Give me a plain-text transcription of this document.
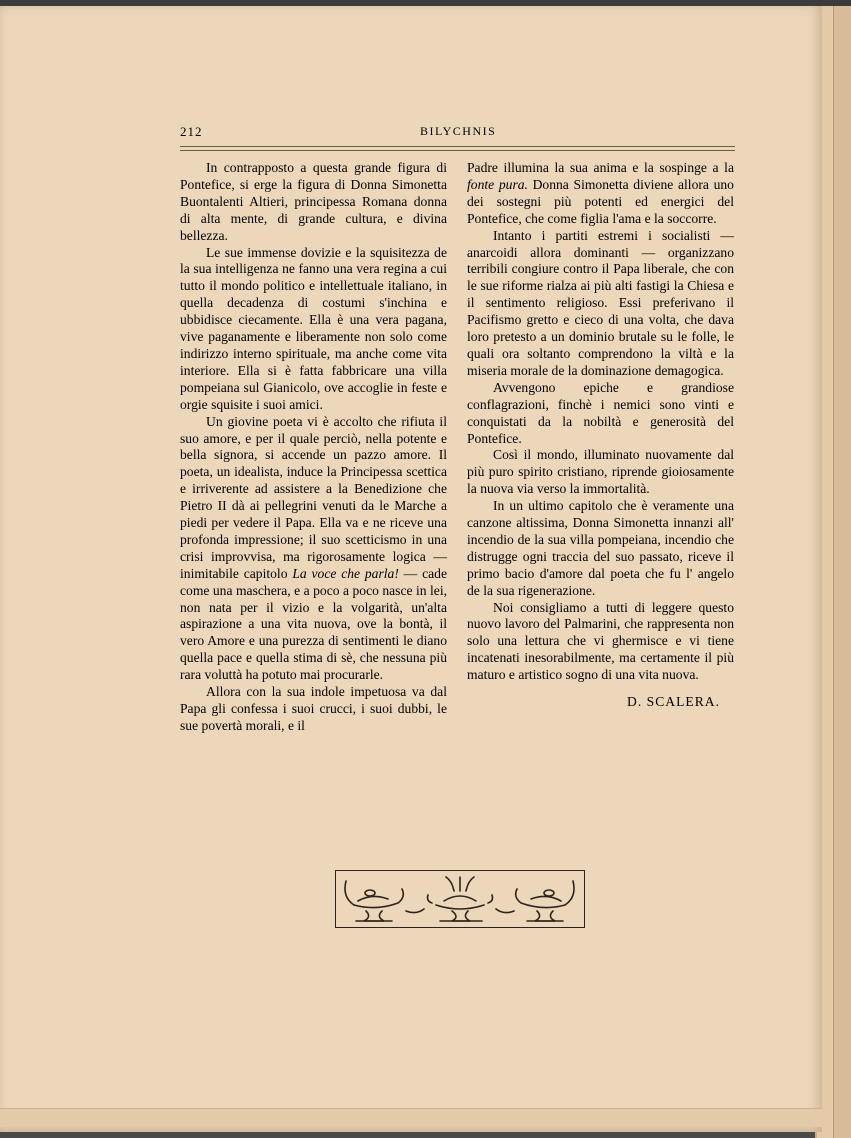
212	BILYCHNIS

In contrapposto a questa grande figura di Pontefice, si erge la figura di Donna Simonetta Buontalenti Altieri, principessa Romana donna di alta mente, di grande cultura, e divina bellezza.

Le sue immense dovizie e la squisitezza de la sua intelligenza ne fanno una vera regina a cui tutto il mondo politico e intellettuale italiano, in quella decadenza di costumi s'inchina e ubbidisce ciecamente. Ella è una vera pagana, vive paganamente e liberamente non solo come indirizzo interno spirituale, ma anche come vita interiore. Ella si è fatta fabbricare una villa pompeiana sul Gianicolo, ove accoglie in feste e orgie squisite i suoi amici.

Un giovine poeta vi è accolto che rifiuta il suo amore, e per il quale perciò, nella potente e bella signora, si accende un pazzo amore. Il poeta, un idealista, induce la Principessa scettica e irriverente ad assistere a la Benedizione che Pietro II dà ai pellegrini venuti da le Marche a piedi per vedere il Papa. Ella va e ne riceve una profonda impressione; il suo scetticismo in una crisi improvvisa, ma rigorosamente logica — inimitabile capitolo La voce che parla! — cade come una maschera, e a poco a poco nasce in lei, non nata per il vizio e la volgarità, un'alta aspirazione a una vita nuova, ove la bontà, il vero Amore e una purezza di sentimenti le diano quella pace e quella stima di sè, che nessuna più rara voluttà ha potuto mai procurarle.

Allora con la sua indole impetuosa va dal Papa gli confessa i suoi crucci, i suoi dubbi, le sue povertà morali, e il

Padre illumina la sua anima e la sospinge a la fonte pura. Donna Simonetta diviene allora uno dei sostegni più potenti ed energici del Pontefice, che come figlia l'ama e la soccorre.

Intanto i partiti estremi i socialisti — anarcoidi allora dominanti — organizzano terribili congiure contro il Papa liberale, che con le sue riforme rialza ai più alti fastigi la Chiesa e il sentimento religioso. Essi preferivano il Pacifismo gretto e cieco di una volta, che dava loro pretesto a un dominio brutale su le folle, le quali ora soltanto comprendono la viltà e la miseria morale de la dominazione demagogica.

Avvengono epiche e grandiose conflagrazioni, finchè i nemici sono vinti e conquistati da la nobiltà e generosità del Pontefice.

Così il mondo, illuminato nuovamente dal più puro spirito cristiano, riprende gioiosamente la nuova via verso la immortalità.

In un ultimo capitolo che è veramente una canzone altissima, Donna Simonetta innanzi all' incendio de la sua villa pompeiana, incendio che distrugge ogni traccia del suo passato, riceve il primo bacio d'amore dal poeta che fu l' angelo de la sua rigenerazione.

Noi consigliamo a tutti di leggere questo nuovo lavoro del Palmarini, che rappresenta non solo una lettura che vi ghermisce e vi tiene incatenati inesorabilmente, ma certamente il più maturo e artistico sogno di una vita nuova.

D. SCALERA.
